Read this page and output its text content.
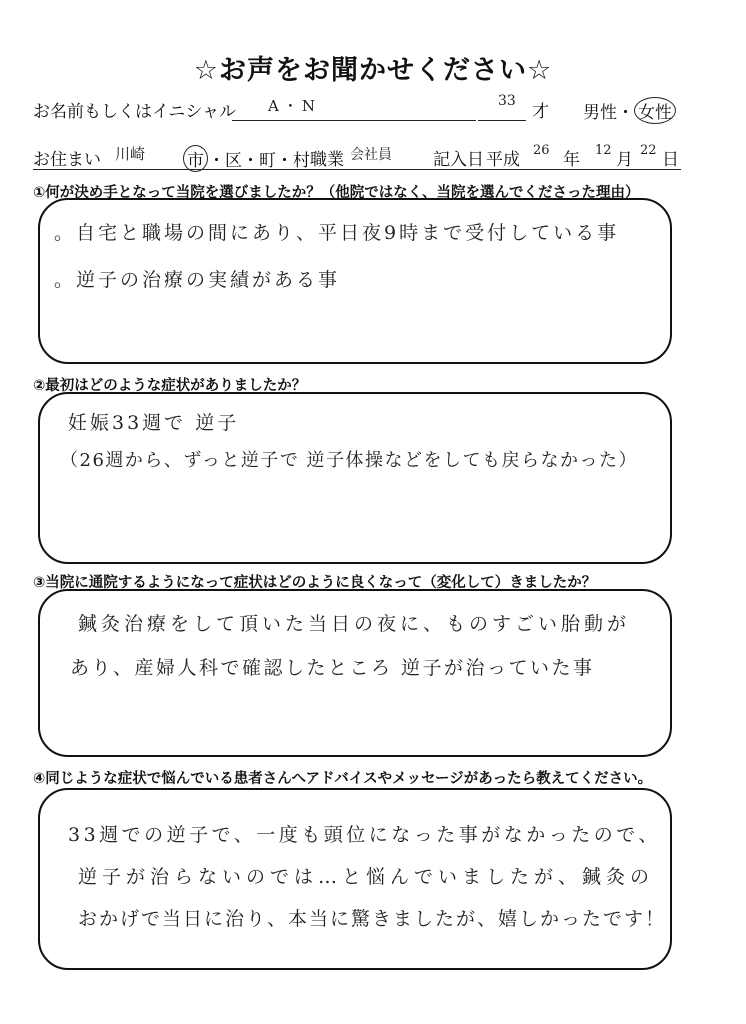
☆お声をお聞かせください☆
お名前もしくはイニシャル A・N	33
才 男性・ 女性
お住まい 川崎 市 ・区・町・村 職業 会社員 記入日 平成 26 年 12 月 22 日
①何が決め手となって当院を選びましたか？（他院ではなく、当院を選んでくださった理由）
。自宅と職場の間にあり、平日夜9時まで受付している事
。逆子の治療の実績がある事
②最初はどのような症状がありましたか？
妊娠33週で 逆子
（26週から、ずっと逆子で 逆子体操などをしても戻らなかった）
③当院に通院するようになって症状はどのように良くなって（変化して）きましたか？
鍼灸治療をして頂いた当日の夜に、ものすごい胎動が
あり、産婦人科で確認したところ 逆子が治っていた事
④同じような症状で悩んでいる患者さんへアドバイスやメッセージがあったら教えてください。
33週での逆子で、一度も頭位になった事がなかったので、
逆子が治らないのでは…と悩んでいましたが、鍼灸の
おかげで当日に治り、本当に驚きましたが、嬉しかったです！
